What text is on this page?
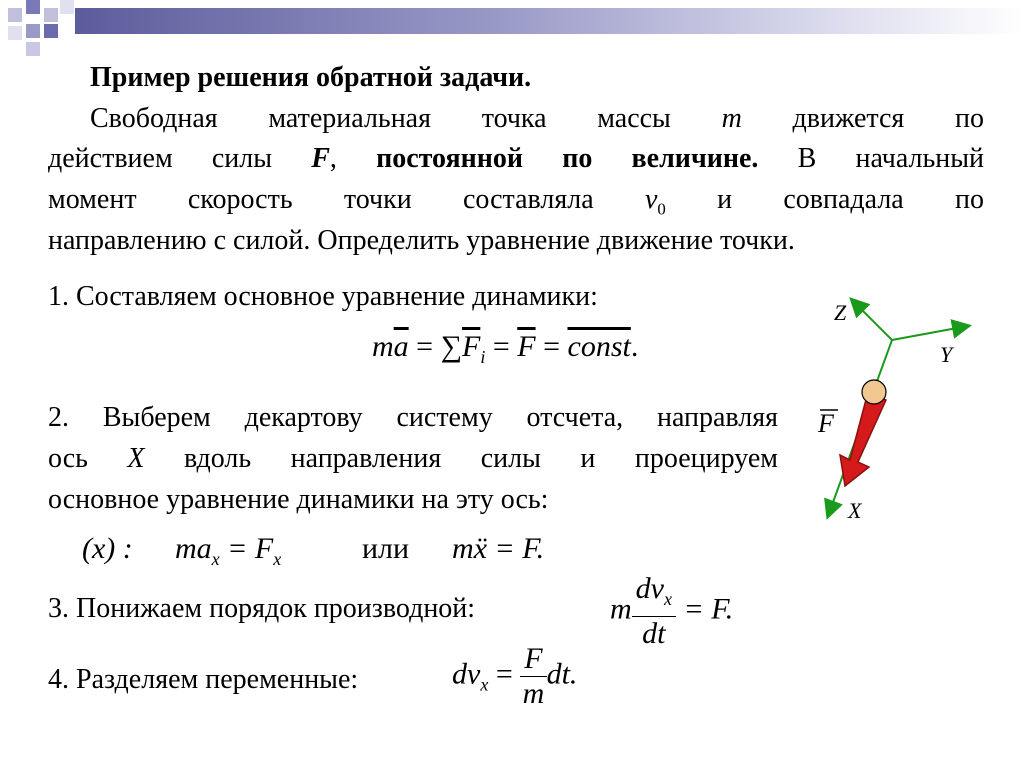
Пример решения обратной задачи.
Свободная материальная точка массы m движется по
действием силы F, постоянной по величине. В начальный
момент скорость точки составляла $v_0$ и совпадала по
направлению с силой. Определить уравнение движение точки.
1. Составляем основное уравнение динамики:
$m\overline{a} = \sum\overline{F}_i = \overline{F}$ = const.
2. Выберем декартову систему отсчета, направляя
ось X вдоль направления силы и проецируем
основное уравнение динамики на эту ось:
(x) : $ma_x = F_x$	или mẍ = F.
3. Понижаем порядок производной:	m $\frac{dv_x}{dt} = F$.
4. Разделяем переменные:	$dv_x = \frac{F}{m}$ dt.
Z
Y
X
F
